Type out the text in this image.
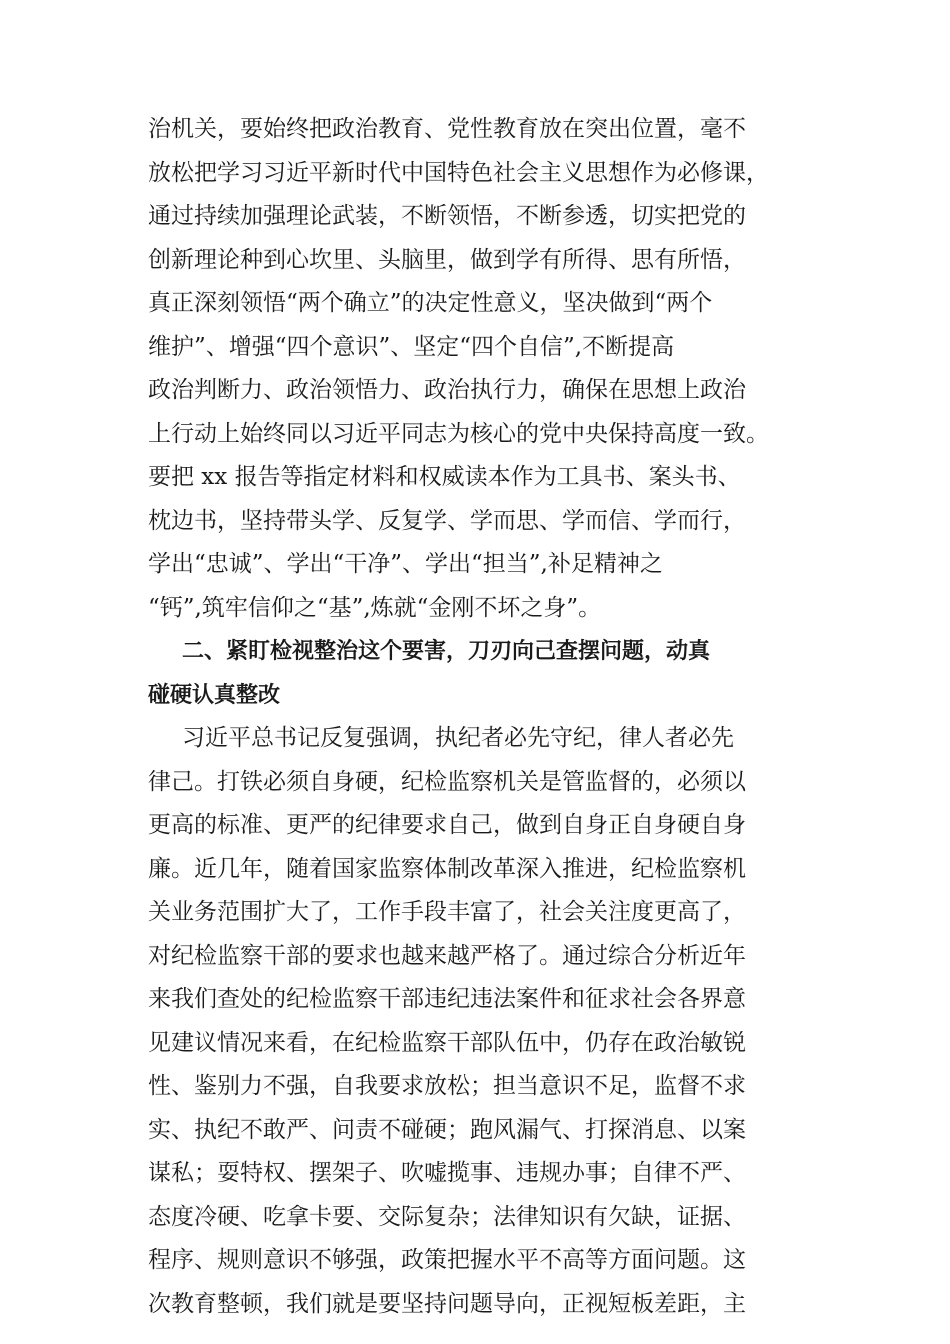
治机关，要始终把政治教育、党性教育放在突出位置，毫不
放松把学习习近平新时代中国特色社会主义思想作为必修课，
通过持续加强理论武装，不断领悟，不断参透，切实把党的
创新理论种到心坎里、头脑里，做到学有所得、思有所悟，
真正深刻领悟“两个确立”的决定性意义，坚决做到“两个
维护”、增强“四个意识”、坚定“四个自信”,不断提高
政治判断力、政治领悟力、政治执行力，确保在思想上政治
上行动上始终同以习近平同志为核心的党中央保持高度一致。
要把 xx 报告等指定材料和权威读本作为工具书、案头书、
枕边书，坚持带头学、反复学、学而思、学而信、学而行，
学出“忠诚”、学出“干净”、学出“担当”,补足精神之
“钙”,筑牢信仰之“基”,炼就“金刚不坏之身”。
二、紧盯检视整治这个要害，刀刃向己查摆问题，动真
碰硬认真整改
习近平总书记反复强调，执纪者必先守纪，律人者必先
律己。打铁必须自身硬，纪检监察机关是管监督的，必须以
更高的标准、更严的纪律要求自己，做到自身正自身硬自身
廉。近几年，随着国家监察体制改革深入推进，纪检监察机
关业务范围扩大了，工作手段丰富了，社会关注度更高了，
对纪检监察干部的要求也越来越严格了。通过综合分析近年
来我们查处的纪检监察干部违纪违法案件和征求社会各界意
见建议情况来看，在纪检监察干部队伍中，仍存在政治敏锐
性、鉴别力不强，自我要求放松；担当意识不足，监督不求
实、执纪不敢严、问责不碰硬；跑风漏气、打探消息、以案
谋私；耍特权、摆架子、吹嘘揽事、违规办事；自律不严、
态度冷硬、吃拿卡要、交际复杂；法律知识有欠缺，证据、
程序、规则意识不够强，政策把握水平不高等方面问题。这
次教育整顿，我们就是要坚持问题导向，正视短板差距，主
